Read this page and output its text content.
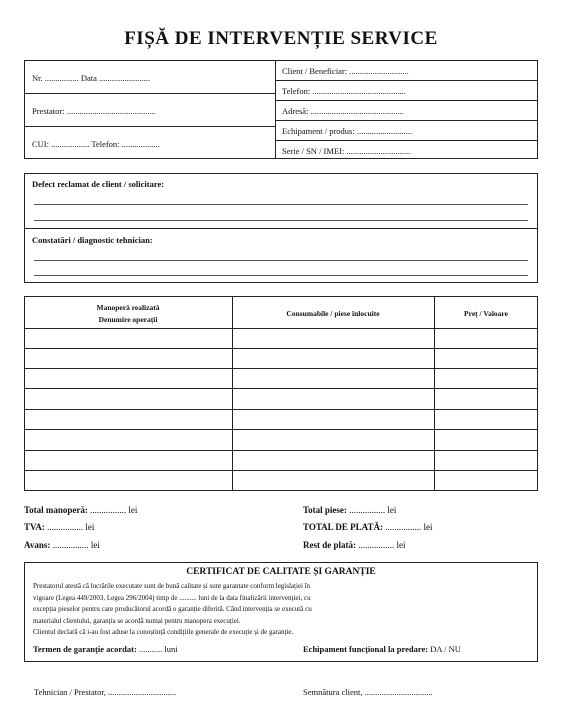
FIȘĂ DE INTERVENȚIE SERVICE
Nr. ................ Data ........................
Prestator: ..........................................
CUI: .................. Telefon: ..................
Client / Beneficiar: ............................
Telefon: ............................................
Adresă: ............................................
Echipament / produs: ..........................
Serie / SN / IMEI: ..............................
Defect reclamat de client / solicitare:
Constatări / diagnostic tehnician:
Manoperă realizată
Denumire operații
Consumabile / piese înlocuite	Preț / Valoare
Total manoperă: ................ lei
TVA: ................ lei
Avans: ................ lei
Total piese: ................ lei
TOTAL DE PLATĂ: ................ lei
Rest de plată: ................ lei
CERTIFICAT DE CALITATE ȘI GARANȚIE
Prestatorul atestă că lucrările executate sunt de bună calitate și sunt garantate conform legislației în
vigoare (Legea 449/2003, Legea 296/2004) timp de .......... luni de la data finalizării intervenției, cu
excepția pieselor pentru care producătorul acordă o garanție diferită. Când intervenția se execută cu
materialul clientului, garanția se acordă numai pentru manopera execuției.
Clientul declară că i-au fost aduse la cunoștință condițiile generale de execuție și de garanție.
Termen de garanție acordat: ........... luni	Echipament funcțional la predare: DA / NU
Tehnician / Prestator, ................................	Semnătura client, ................................
